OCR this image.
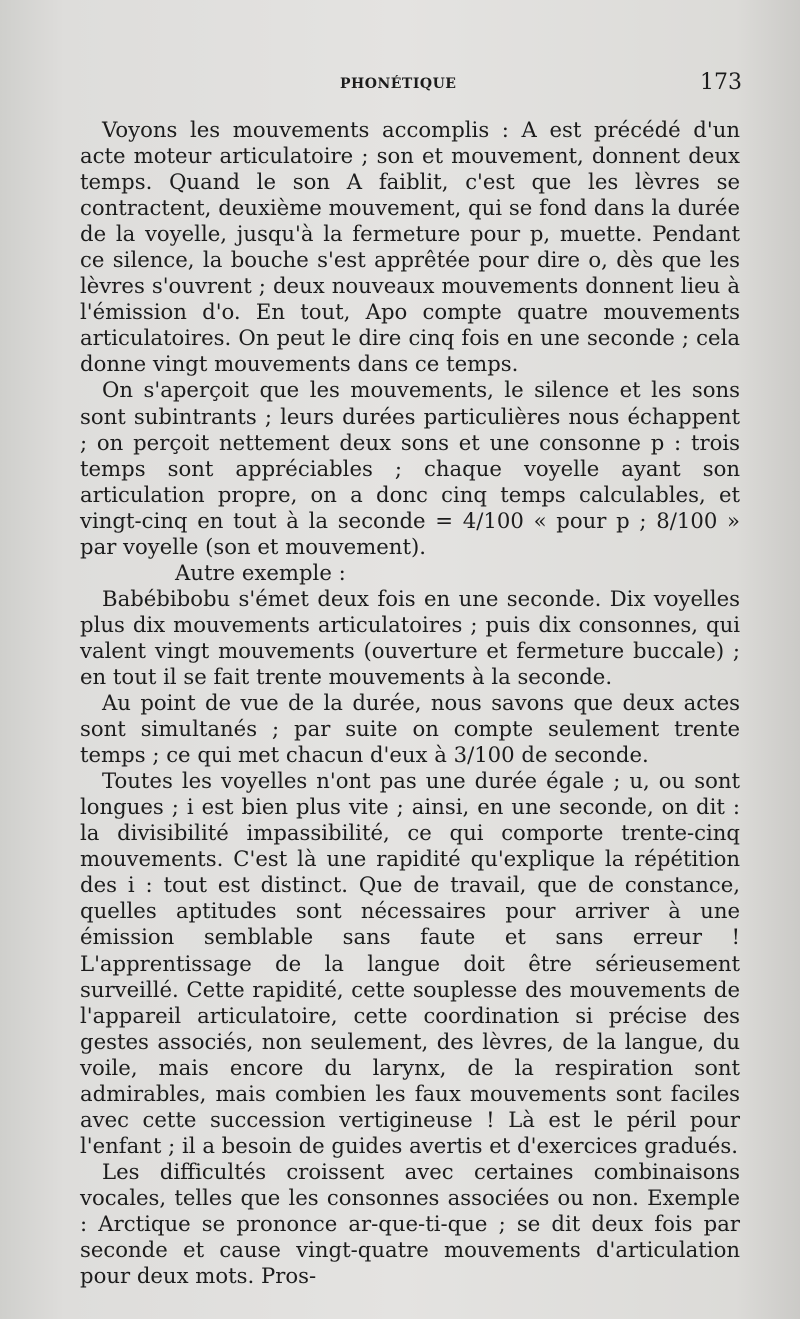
PHONÉTIQUE	173

Voyons les mouvements accomplis : A est précédé d'un acte moteur articulatoire ; son et mouvement, donnent deux temps. Quand le son A faiblit, c'est que les lèvres se contractent, deuxième mouvement, qui se fond dans la durée de la voyelle, jusqu'à la fermeture pour p, muette. Pendant ce silence, la bouche s'est apprêtée pour dire o, dès que les lèvres s'ouvrent ; deux nouveaux mouvements donnent lieu à l'émission d'o. En tout, Apo compte quatre mouvements articulatoires. On peut le dire cinq fois en une seconde ; cela donne vingt mouvements dans ce temps.

On s'aperçoit que les mouvements, le silence et les sons sont subintrants ; leurs durées particulières nous échappent ; on perçoit nettement deux sons et une consonne p : trois temps sont appréciables ; chaque voyelle ayant son articulation propre, on a donc cinq temps calculables, et vingt-cinq en tout à la seconde = 4/100 « pour p ; 8/100 » par voyelle (son et mouvement).

Autre exemple :

Babébibobu s'émet deux fois en une seconde. Dix voyelles plus dix mouvements articulatoires ; puis dix consonnes, qui valent vingt mouvements (ouverture et fermeture buccale) ; en tout il se fait trente mouvements à la seconde.

Au point de vue de la durée, nous savons que deux actes sont simultanés ; par suite on compte seulement trente temps ; ce qui met chacun d'eux à 3/100 de seconde.

Toutes les voyelles n'ont pas une durée égale ; u, ou sont longues ; i est bien plus vite ; ainsi, en une seconde, on dit : la divisibilité impassibilité, ce qui comporte trente-cinq mouvements. C'est là une rapidité qu'explique la répétition des i : tout est distinct. Que de travail, que de constance, quelles aptitudes sont nécessaires pour arriver à une émission semblable sans faute et sans erreur ! L'apprentissage de la langue doit être sérieusement surveillé. Cette rapidité, cette souplesse des mouvements de l'appareil articulatoire, cette coordination si précise des gestes associés, non seulement, des lèvres, de la langue, du voile, mais encore du larynx, de la respiration sont admirables, mais combien les faux mouvements sont faciles avec cette succession vertigineuse ! Là est le péril pour l'enfant ; il a besoin de guides avertis et d'exercices gradués.

Les difficultés croissent avec certaines combinaisons vocales, telles que les consonnes associées ou non. Exemple : Arctique se prononce ar-que-ti-que ; se dit deux fois par seconde et cause vingt-quatre mouvements d'articulation pour deux mots. Pros-
